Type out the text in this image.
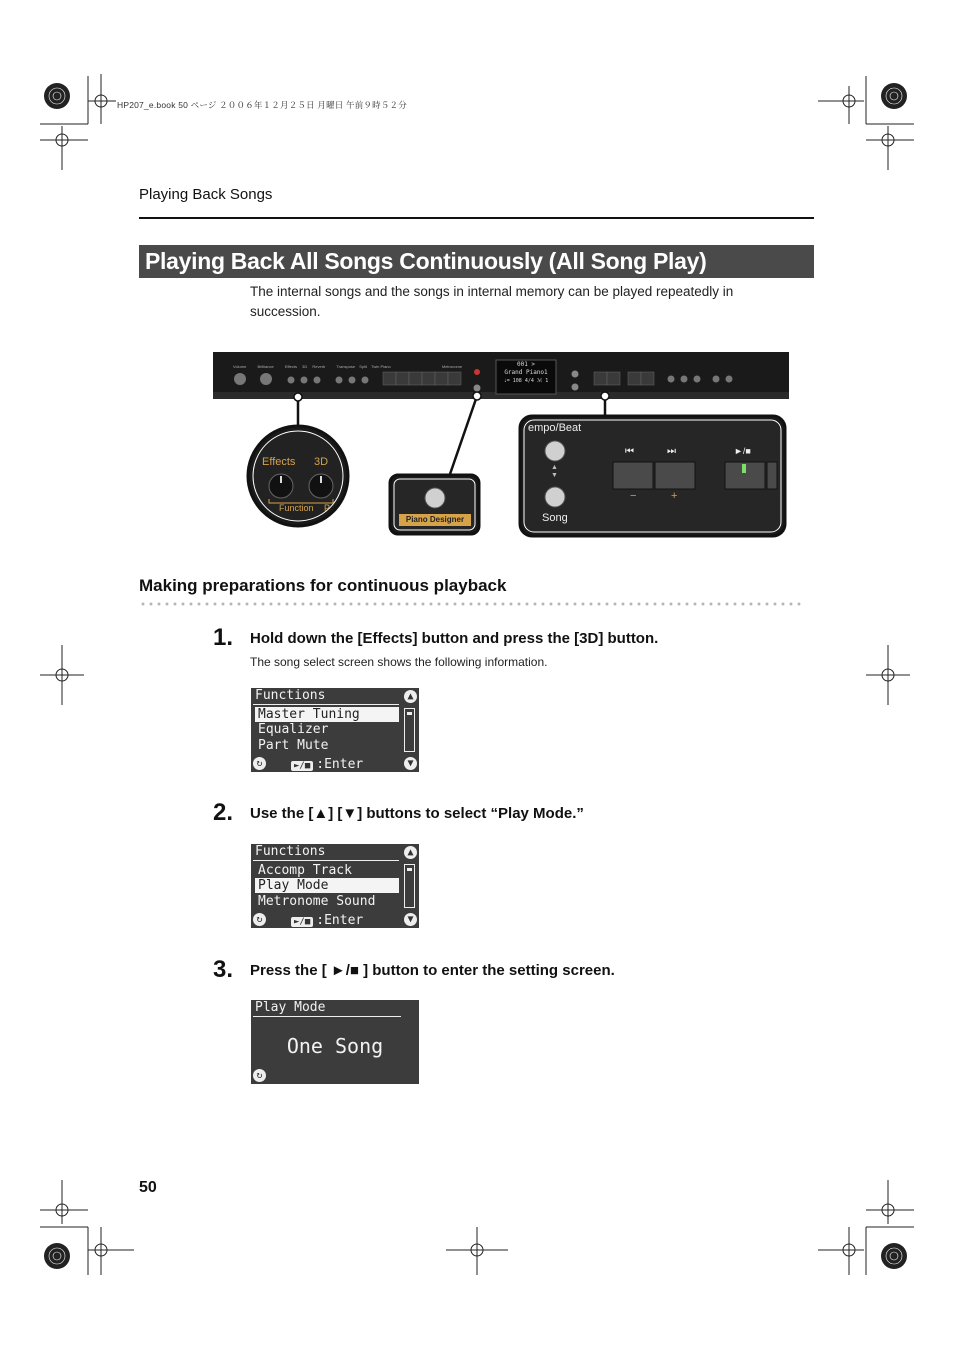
HP207_e.book 50 ページ ２００６年１２月２５日 月曜日 午前９時５２分
Playing Back Songs
Playing Back All Songs Continuously (All Song Play)
The internal songs and the songs in internal memory can be played repeatedly in succession.
001 >
Grand Piano1
♩= 108 4/4 ℳ 1
Volume	Brilliance	Effects 3D Reverb	Transpose Split Twin Piano	Metronome
Effects 3D
Function P
Piano Designer
empo/Beat
▲
▼
Song
⏮	⏭	►/■
−	+
Making preparations for continuous playback
1. Hold down the [Effects] button and press the [3D] button.
The song select screen shows the following information.
Functions
Master Tuning
Equalizer
Part Mute
▲
▼
↻	►/■ :Enter
2. Use the [▲] [▼] buttons to select “Play Mode.”
Functions
Accomp Track
Play Mode
Metronome Sound
▲
▼
↻	►/■ :Enter
3. Press the [ ►/■ ] button to enter the setting screen.
Play Mode
One Song
↻
50
